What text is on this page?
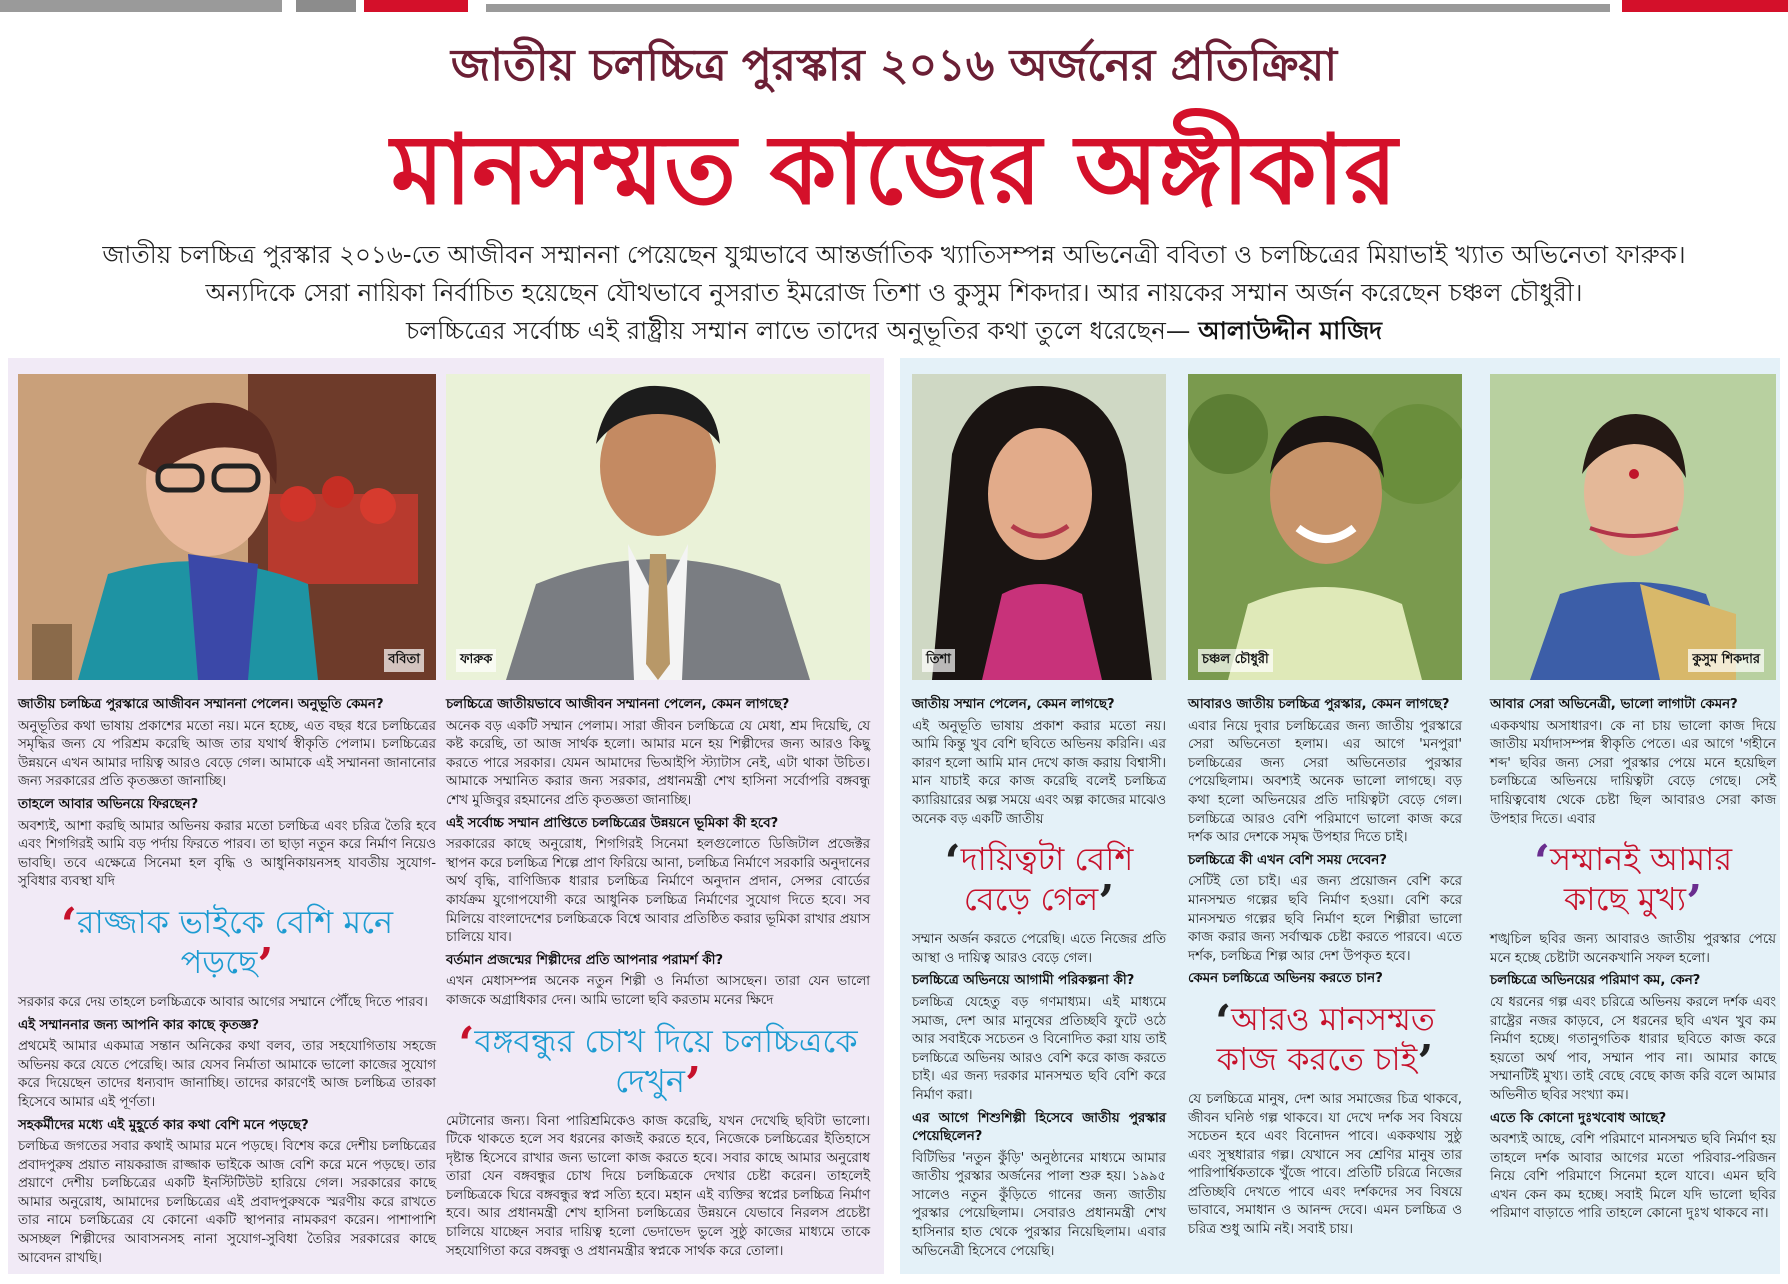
জাতীয় চলচ্চিত্র পুরস্কার ২০১৬ অর্জনের প্রতিক্রিয়া
মানসম্মত কাজের অঙ্গীকার
জাতীয় চলচ্চিত্র পুরস্কার ২০১৬-তে আজীবন সম্মাননা পেয়েছেন যুগ্মভাবে আন্তর্জাতিক খ্যাতিসম্পন্ন অভিনেত্রী ববিতা ও চলচ্চিত্রের মিয়াভাই খ্যাত অভিনেতা ফারুক।
অন্যদিকে সেরা নায়িকা নির্বাচিত হয়েছেন যৌথভাবে নুসরাত ইমরোজ তিশা ও কুসুম শিকদার। আর নায়কের সম্মান অর্জন করেছেন চঞ্চল চৌধুরী।
চলচ্চিত্রের সর্বোচ্চ এই রাষ্ট্রীয় সম্মান লাভে তাদের অনুভূতির কথা তুলে ধরেছেন— আলাউদ্দীন মাজিদ
ববিতা

জাতীয় চলচ্চিত্র পুরস্কারে আজীবন সম্মাননা পেলেন। অনুভূতি কেমন?

অনুভূতির কথা ভাষায় প্রকাশের মতো নয়। মনে হচ্ছে, এত বছর ধরে চলচ্চিত্রের সমৃদ্ধির জন্য যে পরিশ্রম করেছি আজ তার যথার্থ স্বীকৃতি পেলাম। চলচ্চিত্রের উন্নয়নে এখন আমার দায়িত্ব আরও বেড়ে গেল। আমাকে এই সম্মাননা জানানোর জন্য সরকারের প্রতি কৃতজ্ঞতা জানাচ্ছি।

তাহলে আবার অভিনয়ে ফিরছেন?

অবশ্যই, আশা করছি আমার অভিনয় করার মতো চলচ্চিত্র এবং চরিত্র তৈরি হবে এবং শিগগিরই আমি বড় পর্দায় ফিরতে পারব। তা ছাড়া নতুন করে নির্মাণ নিয়েও ভাবছি। তবে এক্ষেত্রে সিনেমা হল বৃদ্ধি ও আধুনিকায়নসহ যাবতীয় সুযোগ-সুবিধার ব্যবস্থা যদি

‘রাজ্জাক ভাইকে বেশি মনে পড়ছে’

সরকার করে দেয় তাহলে চলচ্চিত্রকে আবার আগের সম্মানে পৌঁছে দিতে পারব।

এই সম্মাননার জন্য আপনি কার কাছে কৃতজ্ঞ?

প্রথমেই আমার একমাত্র সন্তান অনিকের কথা বলব, তার সহযোগিতায় সহজে অভিনয় করে যেতে পেরেছি। আর যেসব নির্মাতা আমাকে ভালো কাজের সুযোগ করে দিয়েছেন তাদের ধন্যবাদ জানাচ্ছি। তাদের কারণেই আজ চলচ্চিত্র তারকা হিসেবে আমার এই পূর্ণতা।

সহকর্মীদের মধ্যে এই মুহূর্তে কার কথা বেশি মনে পড়ছে?

চলচ্চিত্র জগতের সবার কথাই আমার মনে পড়ছে। বিশেষ করে দেশীয় চলচ্চিত্রের প্রবাদপুরুষ প্রয়াত নায়করাজ রাজ্জাক ভাইকে আজ বেশি করে মনে পড়ছে। তার প্রয়াণে দেশীয় চলচ্চিত্রের একটি ইনস্টিটিউট হারিয়ে গেল। সরকারের কাছে আমার অনুরোধ, আমাদের চলচ্চিত্রের এই প্রবাদপুরুষকে স্মরণীয় করে রাখতে তার নামে চলচ্চিত্রের যে কোনো একটি স্থাপনার নামকরণ করেন। পাশাপাশি অসচ্ছল শিল্পীদের আবাসনসহ নানা সুযোগ-সুবিধা তৈরির সরকারের কাছে আবেদন রাখছি।

ফারুক

চলচ্চিত্রে জাতীয়ভাবে আজীবন সম্মাননা পেলেন, কেমন লাগছে?

অনেক বড় একটি সম্মান পেলাম। সারা জীবন চলচ্চিত্রে যে মেধা, শ্রম দিয়েছি, যে কষ্ট করেছি, তা আজ সার্থক হলো। আমার মনে হয় শিল্পীদের জন্য আরও কিছু করতে পারে সরকার। যেমন আমাদের ভিআইপি স্ট্যাটাস নেই, এটা থাকা উচিত। আমাকে সম্মানিত করার জন্য সরকার, প্রধানমন্ত্রী শেখ হাসিনা সর্বোপরি বঙ্গবন্ধু শেখ মুজিবুর রহমানের প্রতি কৃতজ্ঞতা জানাচ্ছি।

এই সর্বোচ্চ সম্মান প্রাপ্তিতে চলচ্চিত্রের উন্নয়নে ভূমিকা কী হবে?

সরকারের কাছে অনুরোধ, শিগগিরই সিনেমা হলগুলোতে ডিজিটাল প্রজেক্টর স্থাপন করে চলচ্চিত্র শিল্পে প্রাণ ফিরিয়ে আনা, চলচ্চিত্র নির্মাণে সরকারি অনুদানের অর্থ বৃদ্ধি, বাণিজ্যিক ধারার চলচ্চিত্র নির্মাণে অনুদান প্রদান, সেন্সর বোর্ডের কার্যক্রম যুগোপযোগী করে আধুনিক চলচ্চিত্র নির্মাণের সুযোগ দিতে হবে। সব মিলিয়ে বাংলাদেশের চলচ্চিত্রকে বিশ্বে আবার প্রতিষ্ঠিত করার ভূমিকা রাখার প্রয়াস চালিয়ে যাব।

বর্তমান প্রজন্মের শিল্পীদের প্রতি আপনার পরামর্শ কী?

এখন মেধাসম্পন্ন অনেক নতুন শিল্পী ও নির্মাতা আসছেন। তারা যেন ভালো কাজকে অগ্রাধিকার দেন। আমি ভালো ছবি করতাম মনের ক্ষিদে

‘বঙ্গবন্ধুর চোখ দিয়ে চলচ্চিত্রকে দেখুন’

মেটানোর জন্য। বিনা পারিশ্রমিকেও কাজ করেছি, যখন দেখেছি ছবিটা ভালো। টিকে থাকতে হলে সব ধরনের কাজই করতে হবে, নিজেকে চলচ্চিত্রের ইতিহাসে দৃষ্টান্ত হিসেবে রাখার জন্য ভালো কাজ করতে হবে। সবার কাছে আমার অনুরোধ তারা যেন বঙ্গবন্ধুর চোখ দিয়ে চলচ্চিত্রকে দেখার চেষ্টা করেন। তাহলেই চলচ্চিত্রকে ঘিরে বঙ্গবন্ধুর স্বপ্ন সত্যি হবে। মহান এই ব্যক্তির স্বপ্নের চলচ্চিত্র নির্মাণ হবে। আর প্রধানমন্ত্রী শেখ হাসিনা চলচ্চিত্রের উন্নয়নে যেভাবে নিরলস প্রচেষ্টা চালিয়ে যাচ্ছেন সবার দায়িত্ব হলো ভেদাভেদ ভুলে সুষ্ঠু কাজের মাধ্যমে তাকে সহযোগিতা করে বঙ্গবন্ধু ও প্রধানমন্ত্রীর স্বপ্নকে সার্থক করে তোলা।

তিশা

জাতীয় সম্মান পেলেন, কেমন লাগছে?

এই অনুভূতি ভাষায় প্রকাশ করার মতো নয়। আমি কিন্তু খুব বেশি ছবিতে অভিনয় করিনি। এর কারণ হলো আমি মান দেখে কাজ করায় বিশ্বাসী। মান যাচাই করে কাজ করেছি বলেই চলচ্চিত্র ক্যারিয়ারের অল্প সময়ে এবং অল্প কাজের মাঝেও অনেক বড় একটি জাতীয়

‘দায়িত্বটা বেশি বেড়ে গেল’

সম্মান অর্জন করতে পেরেছি। এতে নিজের প্রতি আস্থা ও দায়িত্ব আরও বেড়ে গেল।

চলচ্চিত্রে অভিনয়ে আগামী পরিকল্পনা কী?

চলচ্চিত্র যেহেতু বড় গণমাধ্যম। এই মাধ্যমে সমাজ, দেশ আর মানুষের প্রতিচ্ছবি ফুটে ওঠে আর সবাইকে সচেতন ও বিনোদিত করা যায় তাই চলচ্চিত্রে অভিনয় আরও বেশি করে কাজ করতে চাই। এর জন্য দরকার মানসম্মত ছবি বেশি করে নির্মাণ করা।

এর আগে শিশুশিল্পী হিসেবে জাতীয় পুরস্কার পেয়েছিলেন?

বিটিভির 'নতুন কুঁড়ি' অনুষ্ঠানের মাধ্যমে আমার জাতীয় পুরস্কার অর্জনের পালা শুরু হয়। ১৯৯৫ সালেও নতুন কুঁড়িতে গানের জন্য জাতীয় পুরস্কার পেয়েছিলাম। সেবারও প্রধানমন্ত্রী শেখ হাসিনার হাত থেকে পুরস্কার নিয়েছিলাম। এবার অভিনেত্রী হিসেবে পেয়েছি।

চঞ্চল চৌধুরী

আবারও জাতীয় চলচ্চিত্র পুরস্কার, কেমন লাগছে?

এবার নিয়ে দুবার চলচ্চিত্রের জন্য জাতীয় পুরস্কারে সেরা অভিনেতা হলাম। এর আগে 'মনপুরা' চলচ্চিত্রের জন্য সেরা অভিনেতার পুরস্কার পেয়েছিলাম। অবশ্যই অনেক ভালো লাগছে। বড় কথা হলো অভিনয়ের প্রতি দায়িত্বটা বেড়ে গেল। চলচ্চিত্রে আরও বেশি পরিমাণে ভালো কাজ করে দর্শক আর দেশকে সমৃদ্ধ উপহার দিতে চাই।

চলচ্চিত্রে কী এখন বেশি সময় দেবেন?

সেটিই তো চাই। এর জন্য প্রয়োজন বেশি করে মানসম্মত গল্পের ছবি নির্মাণ হওয়া। বেশি করে মানসম্মত গল্পের ছবি নির্মাণ হলে শিল্পীরা ভালো কাজ করার জন্য সর্বাত্মক চেষ্টা করতে পারবে। এতে দর্শক, চলচ্চিত্র শিল্প আর দেশ উপকৃত হবে।

কেমন চলচ্চিত্রে অভিনয় করতে চান?

‘আরও মানসম্মত কাজ করতে চাই’

যে চলচ্চিত্রে মানুষ, দেশ আর সমাজের চিত্র থাকবে, জীবন ঘনিষ্ঠ গল্প থাকবে। যা দেখে দর্শক সব বিষয়ে সচেতন হবে এবং বিনোদন পাবে। এককথায় সুষ্ঠু এবং সুস্থধারার গল্প। যেখানে সব শ্রেণির মানুষ তার পারিপার্শ্বিকতাকে খুঁজে পাবে। প্রতিটি চরিত্রে নিজের প্রতিচ্ছবি দেখতে পাবে এবং দর্শকদের সব বিষয়ে ভাবাবে, সমাধান ও আনন্দ দেবে। এমন চলচ্চিত্র ও চরিত্র শুধু আমি নই। সবাই চায়।

কুসুম শিকদার

আবার সেরা অভিনেত্রী, ভালো লাগাটা কেমন?

এককথায় অসাধারণ। কে না চায় ভালো কাজ দিয়ে জাতীয় মর্যাদাসম্পন্ন স্বীকৃতি পেতে। এর আগে 'গহীনে শব্দ' ছবির জন্য সেরা পুরস্কার পেয়ে মনে হয়েছিল চলচ্চিত্রে অভিনয়ে দায়িত্বটা বেড়ে গেছে। সেই দায়িত্ববোধ থেকে চেষ্টা ছিল আবারও সেরা কাজ উপহার দিতে। এবার

‘সম্মানই আমার কাছে মুখ্য’

শঙ্খচিল ছবির জন্য আবারও জাতীয় পুরস্কার পেয়ে মনে হচ্ছে চেষ্টাটা অনেকখানি সফল হলো।

চলচ্চিত্রে অভিনয়ের পরিমাণ কম, কেন?

যে ধরনের গল্প এবং চরিত্রে অভিনয় করলে দর্শক এবং রাষ্ট্রের নজর কাড়বে, সে ধরনের ছবি এখন খুব কম নির্মাণ হচ্ছে। গতানুগতিক ধারার ছবিতে কাজ করে হয়তো অর্থ পাব, সম্মান পাব না। আমার কাছে সম্মানটিই মুখ্য। তাই বেছে বেছে কাজ করি বলে আমার অভিনীত ছবির সংখ্যা কম।

এতে কি কোনো দুঃখবোধ আছে?

অবশ্যই আছে, বেশি পরিমাণে মানসম্মত ছবি নির্মাণ হয় তাহলে দর্শক আবার আগের মতো পরিবার-পরিজন নিয়ে বেশি পরিমাণে সিনেমা হলে যাবে। এমন ছবি এখন কেন কম হচ্ছে। সবাই মিলে যদি ভালো ছবির পরিমাণ বাড়াতে পারি তাহলে কোনো দুঃখ থাকবে না।
